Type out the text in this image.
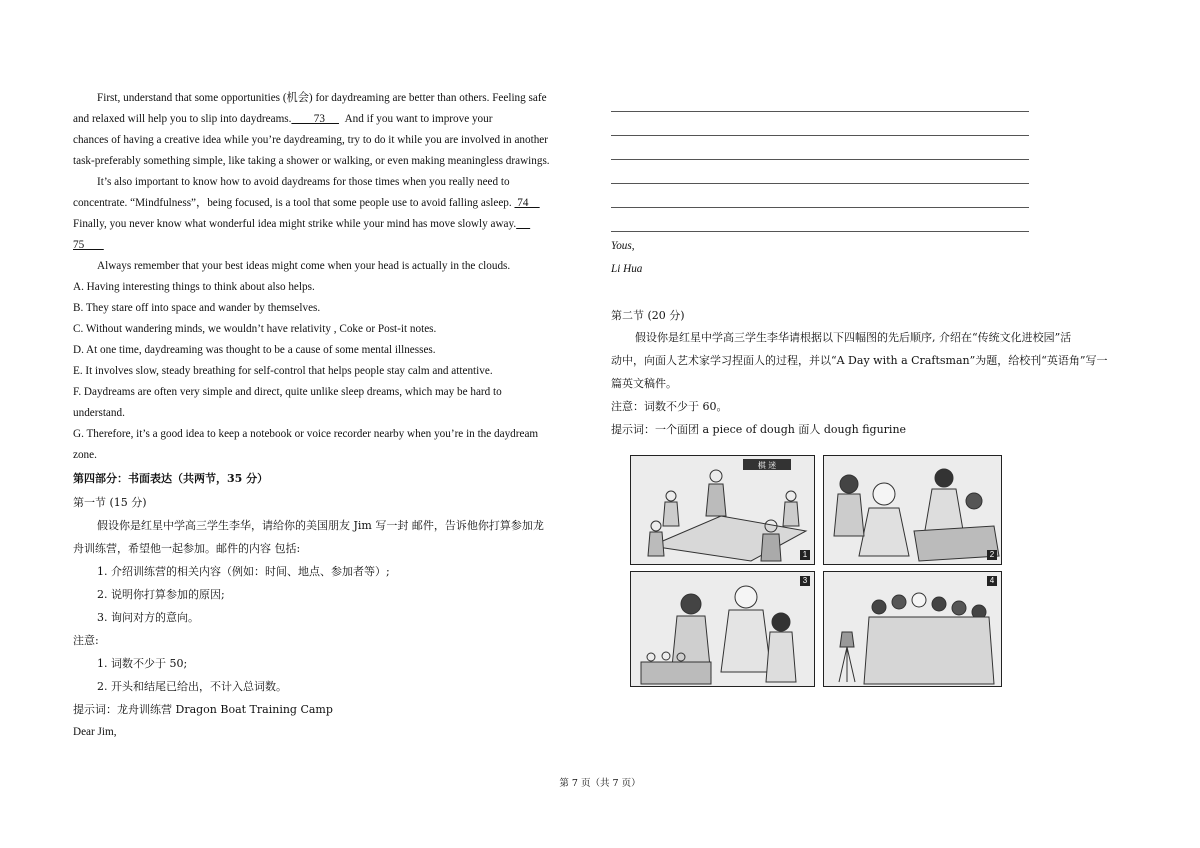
First, understand that some opportunities (机会) for daydreaming are better than others. Feeling safe

and relaxed will help you to slip into daydreams.        73       And if you want to improve your

chances of having a creative idea while you’re daydreaming, try to do it while you are involved in another

task-preferably something simple, like taking a shower or walking, or even making meaningless drawings.

It’s also important to know how to avoid daydreams for those times when you really need to

concentrate. “Mindfulness”，being focused, is a tool that some people use to avoid falling asleep.  74

Finally, you never know what wonderful idea might strike while your mind has move slowly away.

75

Always remember that your best ideas might come when your head is actually in the clouds.

A. Having interesting things to think about also helps.

B. They stare off into space and wander by themselves.

C. Without wandering minds, we wouldn’t have relativity , Coke or Post-it notes.

D. At one time, daydreaming was thought to be a cause of some mental illnesses.

E. It involves slow, steady breathing for self-control that helps people stay calm and attentive.

F. Daydreams are often very simple and direct, quite unlike sleep dreams, which may be hard to

understand.

G. Therefore, it’s a good idea to keep a notebook or voice recorder nearby when you’re in the daydream

zone.

第四部分：书面表达（共两节，35 分）

第一节 (15 分)

假设你是红星中学高三学生李华，请给你的美国朋友 Jim 写一封 邮件，告诉他你打算参加龙

舟训练营，希望他一起参加。邮件的内容 包括:

1. 介绍训练营的相关内容（例如：时间、地点、参加者等）;

2. 说明你打算参加的原因;

3. 询问对方的意向。

注意:

1. 词数不少于 50;

2. 开头和结尾已给出，不计入总词数。

提示词：龙舟训练营 Dragon Boat Training Camp

Dear Jim,

Yous,

Li Hua

第二节 (20 分)

假设你是红星中学高三学生李华请根据以下四幅图的先后顺序, 介绍在“传统文化进校园”活

动中，向面人艺术家学习捏面人的过程，并以“A Day with a Craftsman”为题，给校刊“英语角”写一

篇英文稿件。

注意：词数不少于 60。

提示词：一个面团 a piece of dough 面人 dough figurine

棋 迷
1	2
3	4
第 7 页（共 7 页）
